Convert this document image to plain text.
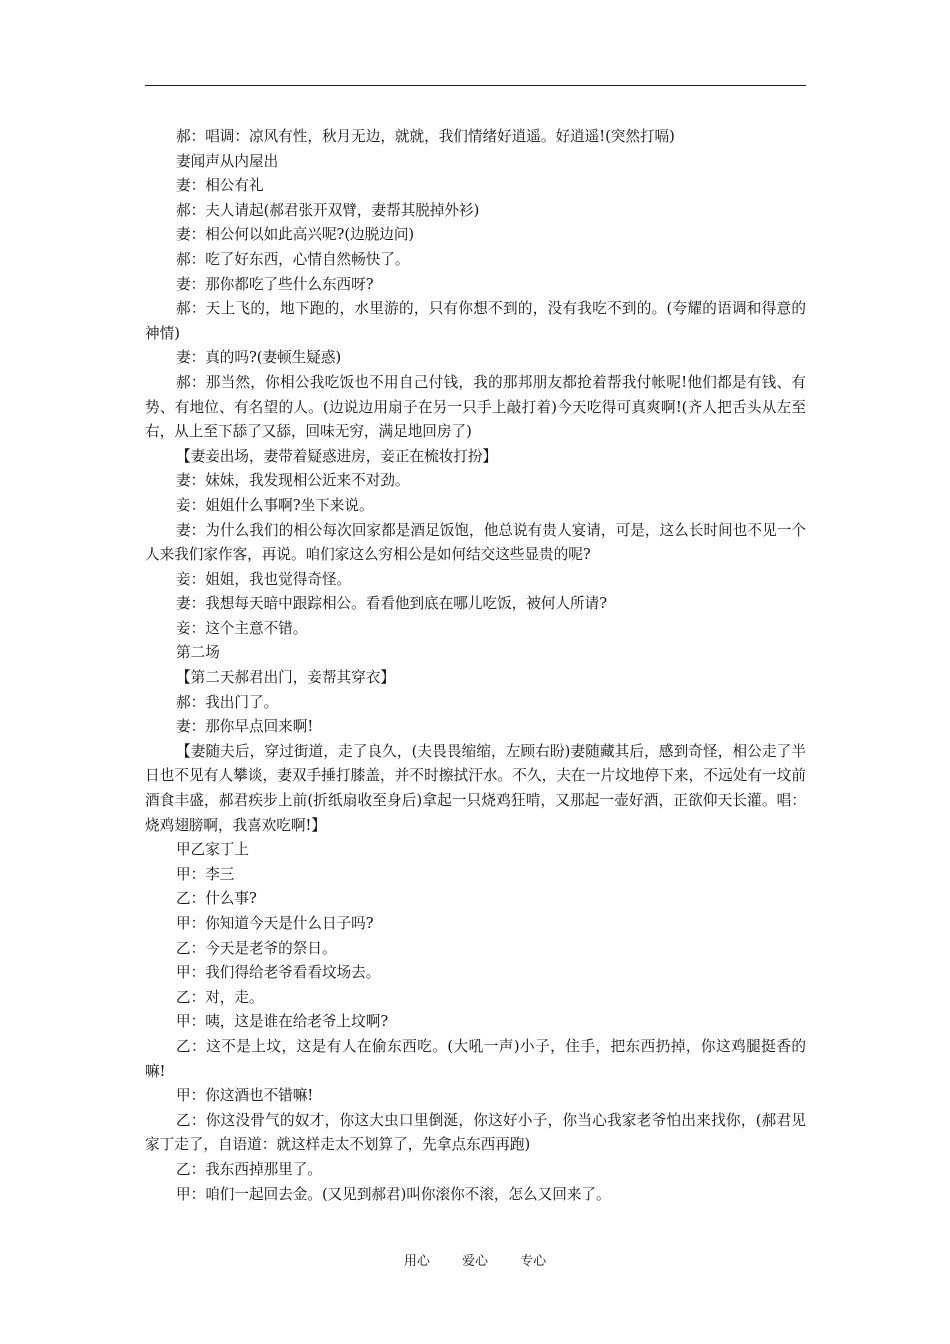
郝：唱调：凉风有性，秋月无边，就就，我们情绪好逍遥。好逍遥!(突然打嗝)

妻闻声从内屋出

妻：相公有礼

郝：夫人请起(郝君张开双臂，妻帮其脱掉外衫)

妻：相公何以如此高兴呢?(边脱边问)

郝：吃了好东西，心情自然畅快了。

妻：那你都吃了些什么东西呀?

郝：天上飞的，地下跑的，水里游的，只有你想不到的，没有我吃不到的。(夸耀的语调和得意的神情)

妻：真的吗?(妻顿生疑惑)

郝：那当然，你相公我吃饭也不用自己付钱，我的那邦朋友都抢着帮我付帐呢!他们都是有钱、有势、有地位、有名望的人。(边说边用扇子在另一只手上敲打着)今天吃得可真爽啊!(齐人把舌头从左至右，从上至下舔了又舔，回味无穷，满足地回房了)

【妻妾出场，妻带着疑惑进房，妾正在梳妆打扮】

妻：妹妹，我发现相公近来不对劲。

妾：姐姐什么事啊?坐下来说。

妻：为什么我们的相公每次回家都是酒足饭饱，他总说有贵人宴请，可是，这么长时间也不见一个人来我们家作客，再说。咱们家这么穷相公是如何结交这些显贵的呢?

妾：姐姐，我也觉得奇怪。

妻：我想每天暗中跟踪相公。看看他到底在哪儿吃饭，被何人所请?

妾：这个主意不错。

第二场

【第二天郝君出门，妾帮其穿衣】

郝：我出门了。

妻：那你早点回来啊!

【妻随夫后，穿过街道，走了良久，(夫畏畏缩缩，左顾右盼)妻随藏其后，感到奇怪，相公走了半日也不见有人攀谈，妻双手捶打膝盖，并不时擦拭汗水。不久，夫在一片坟地停下来，不远处有一坟前酒食丰盛，郝君疾步上前(折纸扇收至身后)拿起一只烧鸡狂啃，又那起一壶好酒，正欲仰天长灌。唱：烧鸡翅膀啊，我喜欢吃啊!】

甲乙家丁上

甲：李三

乙：什么事?

甲：你知道今天是什么日子吗?

乙：今天是老爷的祭日。

甲：我们得给老爷看看坟场去。

乙：对，走。

甲：咦，这是谁在给老爷上坟啊?

乙：这不是上坟，这是有人在偷东西吃。(大吼一声)小子，住手，把东西扔掉，你这鸡腿挺香的嘛!

甲：你这酒也不错嘛!

乙：你这没骨气的奴才，你这大虫口里倒涎，你这好小子，你当心我家老爷怕出来找你，(郝君见家丁走了，自语道：就这样走太不划算了，先拿点东西再跑)

乙：我东西掉那里了。

甲：咱们一起回去金。(又见到郝君)叫你滚你不滚，怎么又回来了。

用心 爱心 专心
